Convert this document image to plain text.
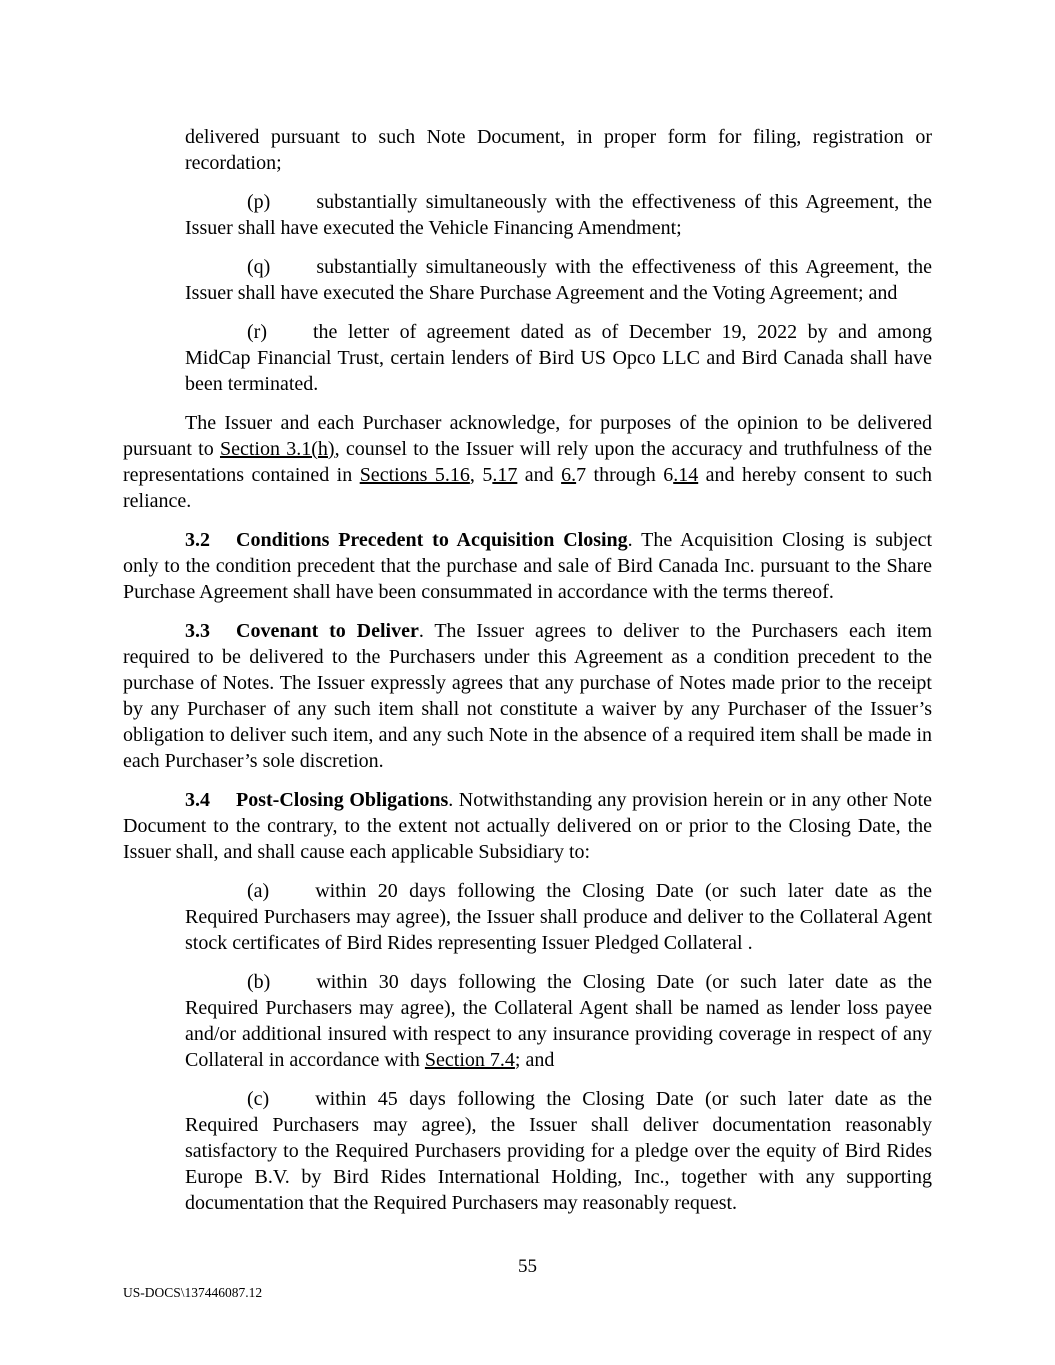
delivered pursuant to such Note Document, in proper form for filing, registration or recordation;

(p) substantially simultaneously with the effectiveness of this Agreement, the Issuer shall have executed the Vehicle Financing Amendment;

(q) substantially simultaneously with the effectiveness of this Agreement, the Issuer shall have executed the Share Purchase Agreement and the Voting Agreement; and

(r) the letter of agreement dated as of December 19, 2022 by and among MidCap Financial Trust, certain lenders of Bird US Opco LLC and Bird Canada shall have been terminated.

The Issuer and each Purchaser acknowledge, for purposes of the opinion to be delivered pursuant to Section 3.1(h), counsel to the Issuer will rely upon the accuracy and truthfulness of the representations contained in Sections 5.16, 5.17 and 6.7 through 6.14 and hereby consent to such reliance.

3.2 Conditions Precedent to Acquisition Closing. The Acquisition Closing is subject only to the condition precedent that the purchase and sale of Bird Canada Inc. pursuant to the Share Purchase Agreement shall have been consummated in accordance with the terms thereof.

3.3 Covenant to Deliver. The Issuer agrees to deliver to the Purchasers each item required to be delivered to the Purchasers under this Agreement as a condition precedent to the purchase of Notes. The Issuer expressly agrees that any purchase of Notes made prior to the receipt by any Purchaser of any such item shall not constitute a waiver by any Purchaser of the Issuer’s obligation to deliver such item, and any such Note in the absence of a required item shall be made in each Purchaser’s sole discretion.

3.4 Post-Closing Obligations. Notwithstanding any provision herein or in any other Note Document to the contrary, to the extent not actually delivered on or prior to the Closing Date, the Issuer shall, and shall cause each applicable Subsidiary to:

(a) within 20 days following the Closing Date (or such later date as the Required Purchasers may agree), the Issuer shall produce and deliver to the Collateral Agent stock certificates of Bird Rides representing Issuer Pledged Collateral .

(b) within 30 days following the Closing Date (or such later date as the Required Purchasers may agree), the Collateral Agent shall be named as lender loss payee and/or additional insured with respect to any insurance providing coverage in respect of any Collateral in accordance with Section 7.4; and

(c) within 45 days following the Closing Date (or such later date as the Required Purchasers may agree), the Issuer shall deliver documentation reasonably satisfactory to the Required Purchasers providing for a pledge over the equity of Bird Rides Europe B.V. by Bird Rides International Holding, Inc., together with any supporting documentation that the Required Purchasers may reasonably request.

55
US-DOCS\137446087.12
